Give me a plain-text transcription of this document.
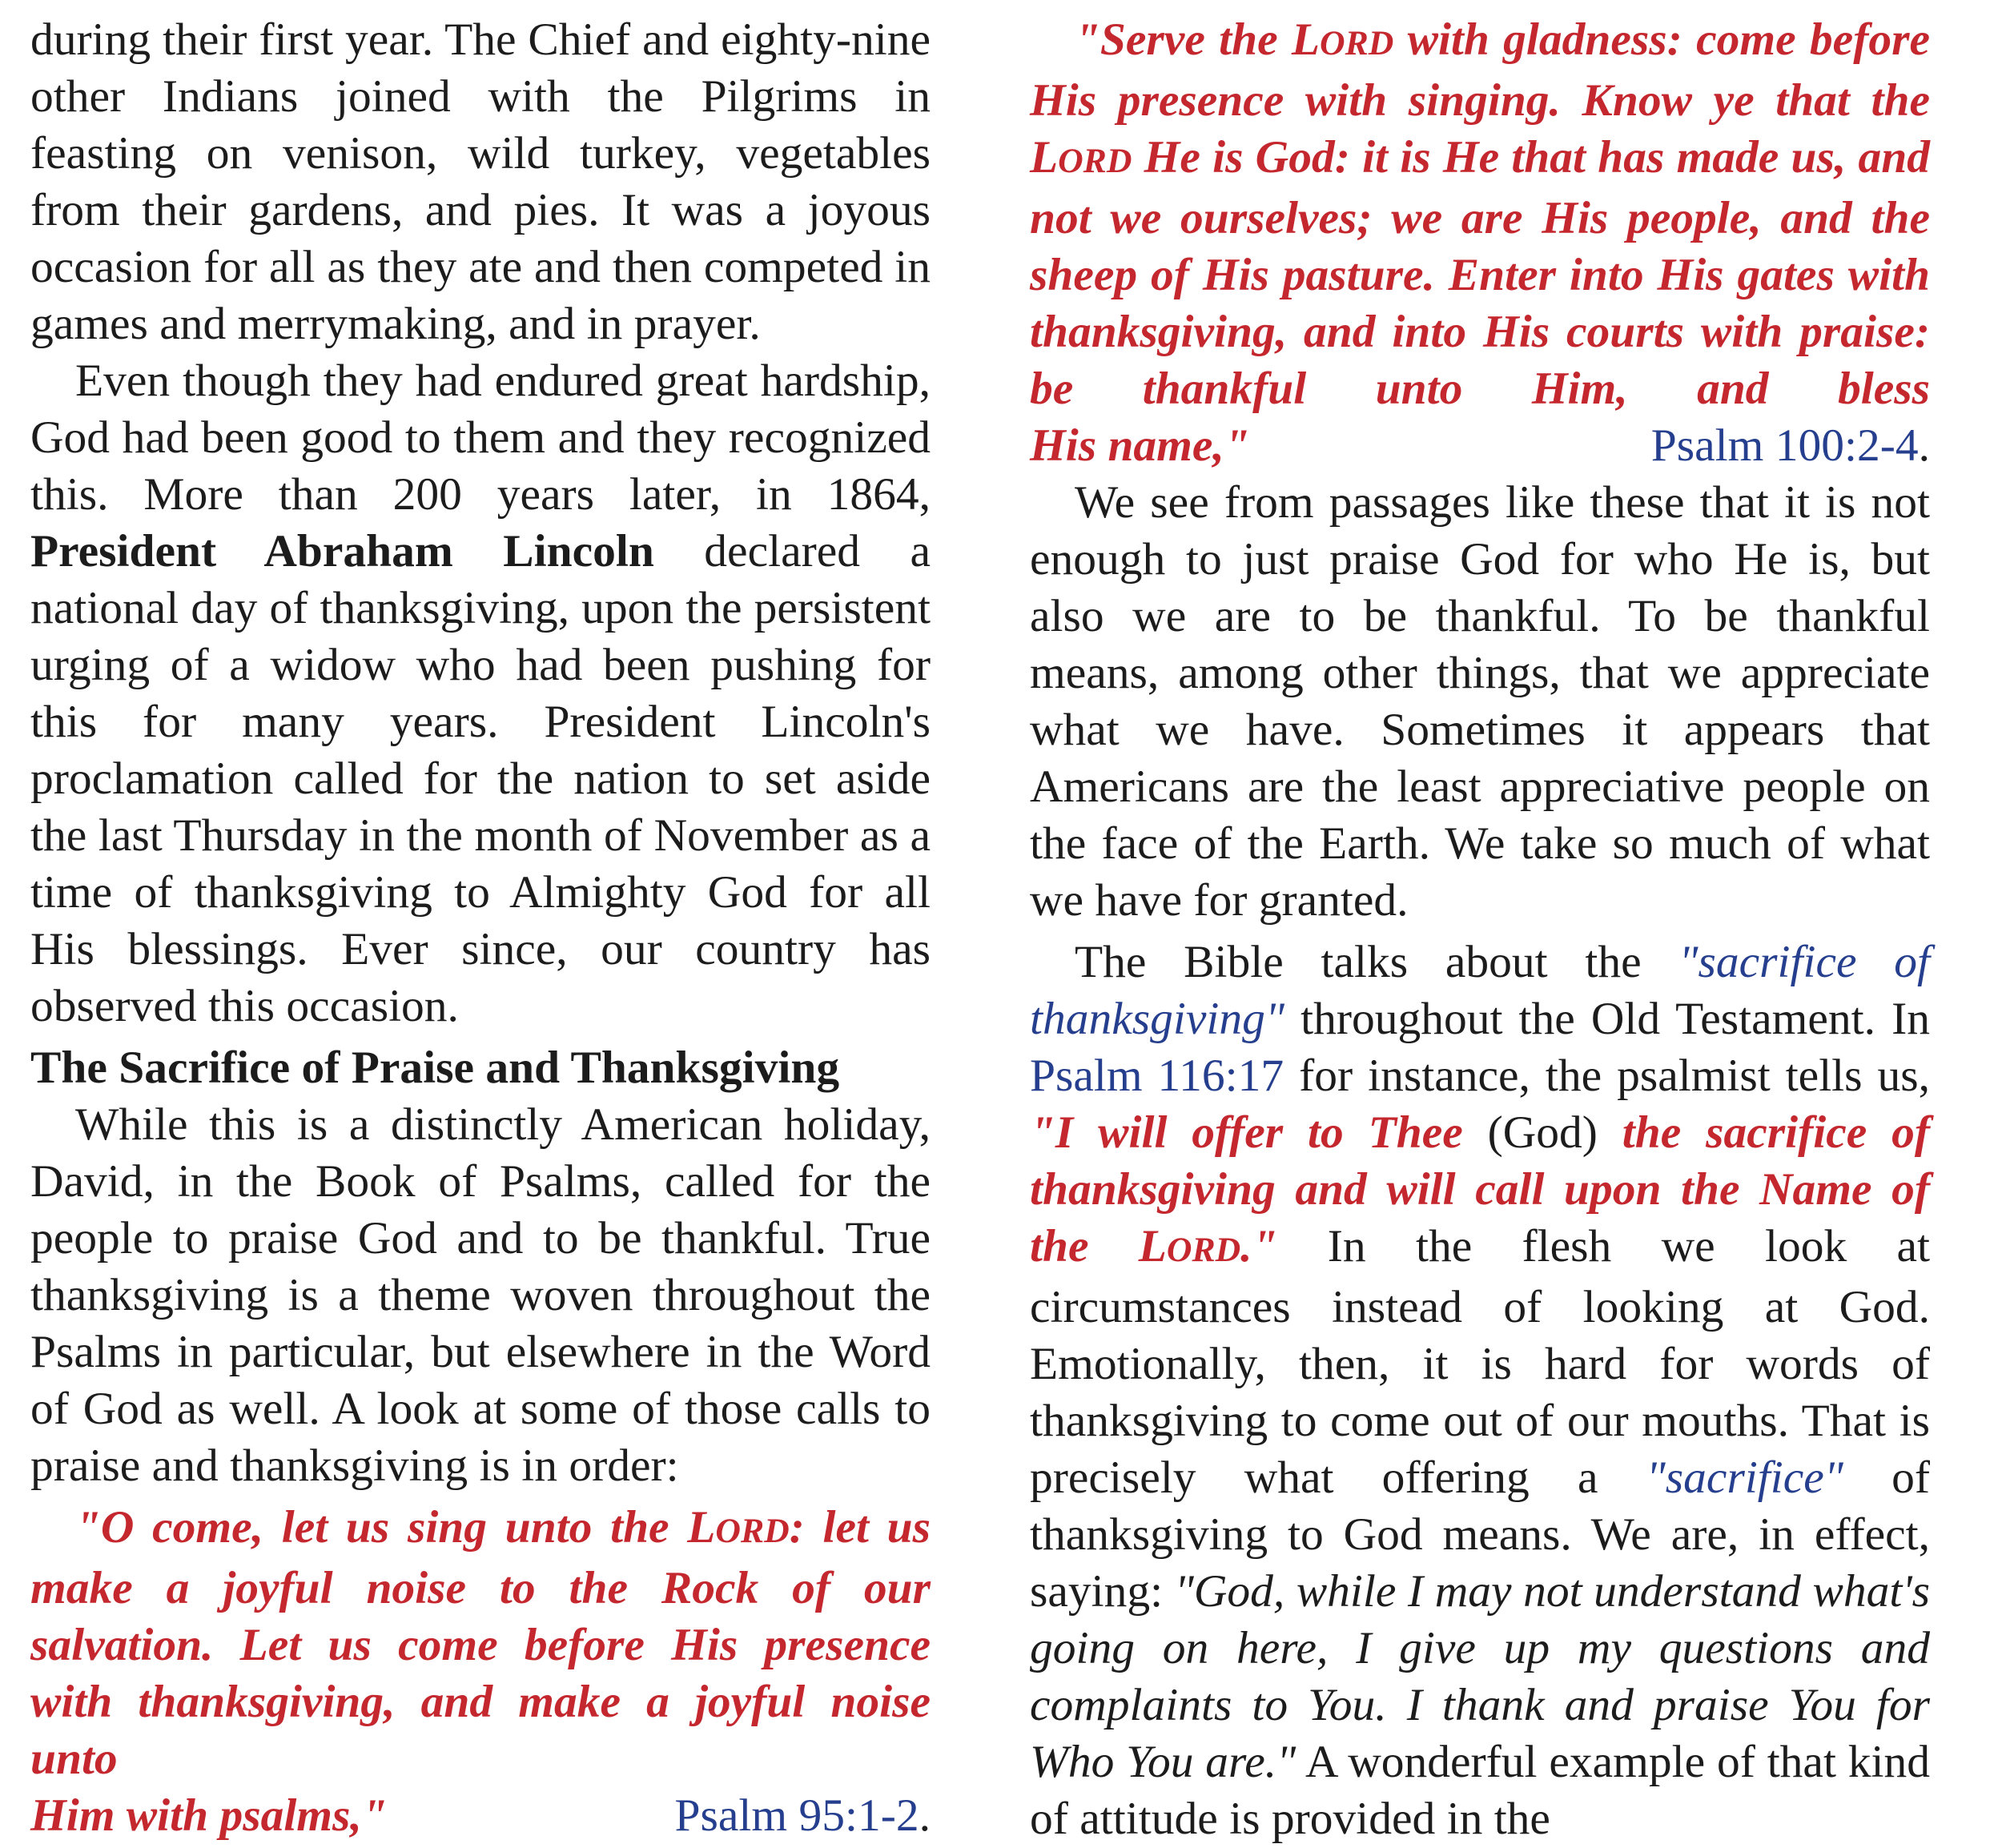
during their first year. The Chief and eighty-nine other Indians joined with the Pilgrims in feasting on venison, wild turkey, vegetables from their gardens, and pies. It was a joyous occasion for all as they ate and then competed in games and merrymaking, and in prayer.

Even though they had endured great hardship, God had been good to them and they recognized this. More than 200 years later, in 1864, President Abraham Lincoln declared a national day of thanksgiving, upon the persistent urging of a widow who had been pushing for this for many years. President Lincoln's proclamation called for the nation to set aside the last Thursday in the month of November as a time of thanksgiving to Almighty God for all His blessings. Ever since, our country has observed this occasion.

The Sacrifice of Praise and Thanksgiving

While this is a distinctly American holiday, David, in the Book of Psalms, called for the people to praise God and to be thankful. True thanksgiving is a theme woven throughout the Psalms in particular, but elsewhere in the Word of God as well. A look at some of those calls to praise and thanksgiving is in order:

"O come, let us sing unto the LORD: let us make a joyful noise to the Rock of our salvation. Let us come before His presence with thanksgiving, and make a joyful noise unto

Him with psalms,"	Psalm 95:1-2.

"Serve the LORD with gladness: come before His presence with singing. Know ye that the LORD He is God: it is He that has made us, and not we ourselves; we are His people, and the sheep of His pasture. Enter into His gates with thanksgiving, and into His courts with praise: be thankful unto Him, and bless

His name,"	Psalm 100:2-4.

We see from passages like these that it is not enough to just praise God for who He is, but also we are to be thankful. To be thankful means, among other things, that we appreciate what we have. Sometimes it appears that Americans are the least appreciative people on the face of the Earth. We take so much of what we have for granted.

The Bible talks about the "sacrifice of thanksgiving" throughout the Old Testament. In Psalm 116:17 for instance, the psalmist tells us, "I will offer to Thee (God) the sacrifice of thanksgiving and will call upon the Name of the LORD." In the flesh we look at circumstances instead of looking at God. Emotionally, then, it is hard for words of thanksgiving to come out of our mouths. That is precisely what offering a "sacrifice" of thanksgiving to God means. We are, in effect, saying: "God, while I may not understand what's going on here, I give up my questions and complaints to You. I thank and praise You for Who You are." A wonderful example of that kind of attitude is provided in the
